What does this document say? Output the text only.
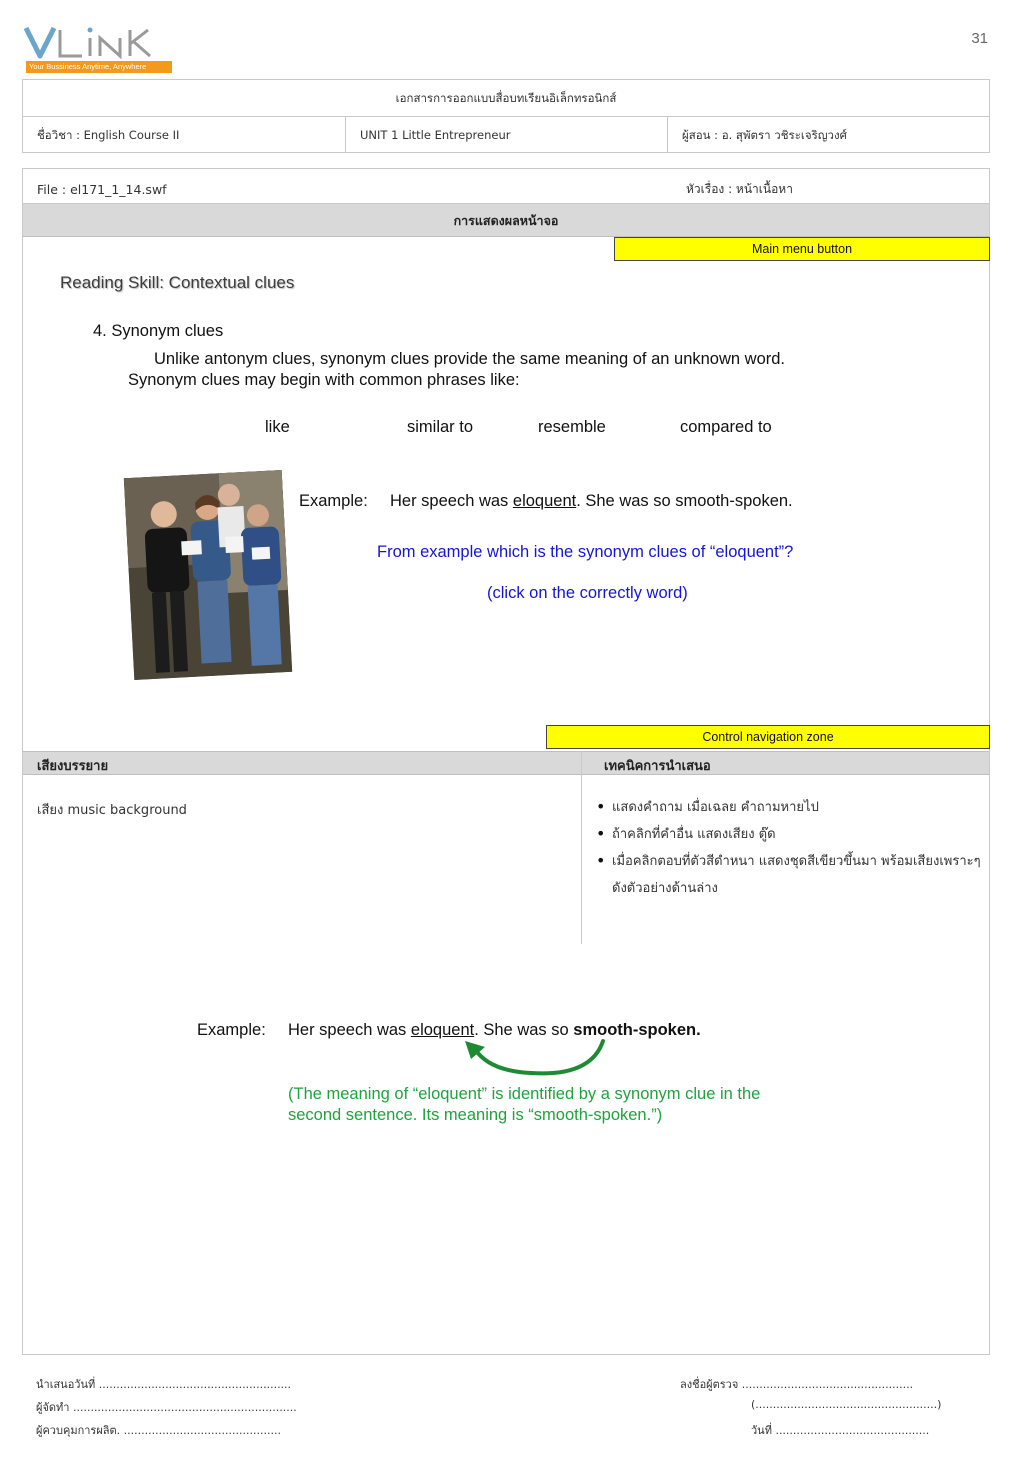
Your Bussiness Anytime, Anywhere
31
เอกสารการออกแบบสื่อบทเรียนอิเล็กทรอนิกส์
ชื่อวิชา : English Course II	UNIT 1 Little Entrepreneur	ผู้สอน : อ. สุพัตรา วชิระเจริญวงศ์
File : el171_1_14.swf	หัวเรื่อง : หน้าเนื้อหา
การแสดงผลหน้าจอ
Main menu button
Reading Skill: Contextual clues
4. Synonym clues
Unlike antonym clues, synonym clues provide the same meaning of an unknown word.
Synonym clues may begin with common phrases like:
like	similar to	resemble	compared to
Example: Her speech was eloquent. She was so smooth-spoken.
From example which is the synonym clues of “eloquent”?
(click on the correctly word)
Control navigation zone
เสียงบรรยาย	เทคนิคการนำเสนอ
เสียง music background
•	แสดงคำถาม เมื่อเฉลย คำถามหายไป
• ถ้าคลิกที่คำอื่น แสดงเสียง ตู๊ด
• เมื่อคลิกตอบที่ตัวสีดำหนา แสดงชุดสีเขียวขึ้นมา พร้อมเสียงเพราะๆ ดังตัวอย่างด้านล่าง
Example: Her speech was eloquent. She was so smooth-spoken.
(The meaning of “eloquent” is identified by a synonym clue in the second sentence. Its meaning is “smooth-spoken.”)
นำเสนอวันที่ .......................................................
ผู้จัดทำ ................................................................
ผู้ควบคุมการผลิต. .............................................
ลงชื่อผู้ตรวจ .................................................
(....................................................)
วันที่ ............................................
